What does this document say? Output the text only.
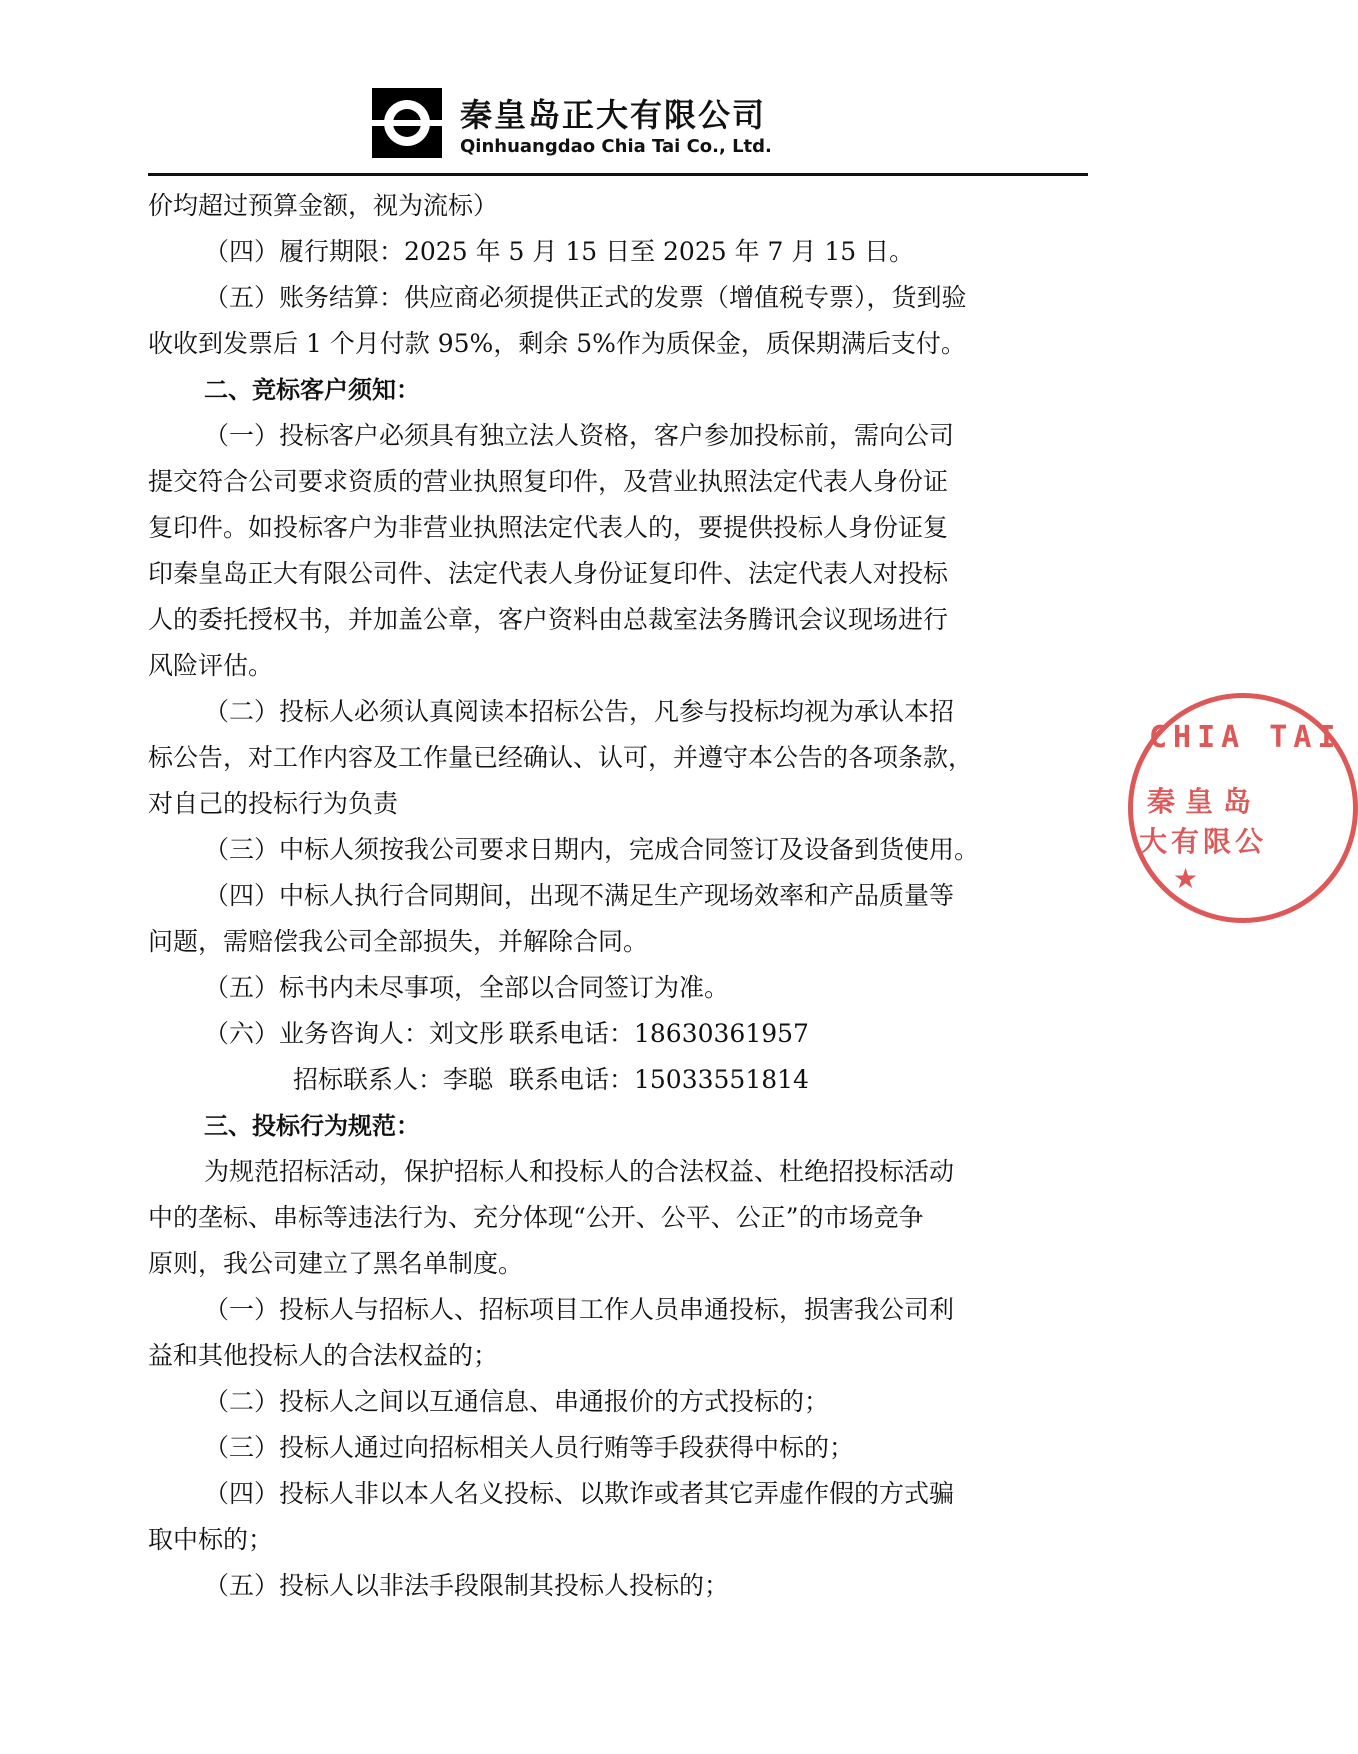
秦皇岛正大有限公司
Qinhuangdao Chia Tai Co., Ltd.
价均超过预算金额，视为流标）
（四）履行期限：2025 年 5 月 15 日至 2025 年 7 月 15 日。
（五）账务结算：供应商必须提供正式的发票（增值税专票），货到验
收收到发票后 1 个月付款 95%，剩余 5%作为质保金，质保期满后支付。
二、竞标客户须知：
（一）投标客户必须具有独立法人资格，客户参加投标前，需向公司
提交符合公司要求资质的营业执照复印件，及营业执照法定代表人身份证
复印件。如投标客户为非营业执照法定代表人的，要提供投标人身份证复
印秦皇岛正大有限公司件、法定代表人身份证复印件、法定代表人对投标
人的委托授权书，并加盖公章，客户资料由总裁室法务腾讯会议现场进行
风险评估。
（二）投标人必须认真阅读本招标公告，凡参与投标均视为承认本招
标公告，对工作内容及工作量已经确认、认可，并遵守本公告的各项条款，
对自己的投标行为负责
（三）中标人须按我公司要求日期内，完成合同签订及设备到货使用。
（四）中标人执行合同期间，出现不满足生产现场效率和产品质量等
问题，需赔偿我公司全部损失，并解除合同。
（五）标书内未尽事项，全部以合同签订为准。
（六）业务咨询人：刘文彤 联系电话：18630361957
招标联系人：李聪 联系电话：15033551814
三、投标行为规范：
为规范招标活动，保护招标人和投标人的合法权益、杜绝招投标活动
中的垄标、串标等违法行为、充分体现“公开、公平、公正”的市场竞争
原则，我公司建立了黑名单制度。
（一）投标人与招标人、招标项目工作人员串通投标，损害我公司利
益和其他投标人的合法权益的；
（二）投标人之间以互通信息、串通报价的方式投标的；
（三）投标人通过向招标相关人员行贿等手段获得中标的；
（四）投标人非以本人名义投标、以欺诈或者其它弄虚作假的方式骗
取中标的；
（五）投标人以非法手段限制其投标人投标的；
CHIA TAI
秦皇岛
大有限公
★
